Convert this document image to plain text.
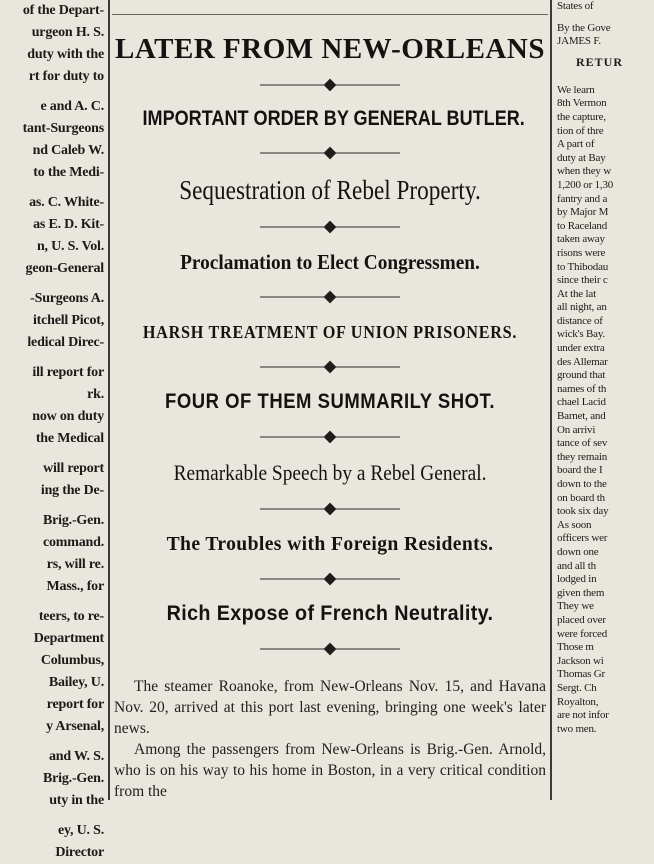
of the Depart-
urgeon H. S.
duty with the
rt for duty to
e and A. C.
tant-Surgeons
nd Caleb W.
to the Medi-
as. C. White-
as E. D. Kit-
n, U. S. Vol.
geon-General
-Surgeons A.
itchell Picot,
ledical Direc-
ill report for
rk.
now on duty
the Medical
will report
ing the De-
Brig.-Gen.
command.
rs, will re.
Mass., for
teers, to re-
Department
Columbus,
Bailey, U.
report for
y Arsenal,
and W. S.
Brig.-Gen.
uty in the
ey, U. S.
Director
States of
By the Gove
JAMES F.
RETUR
We learn
8th Vermon
the capture,
tion of thre
A part of
duty at Bay
when they w
1,200 or 1,30
fantry and a
by Major M
to Raceland
taken away
risons were
to Thibodau
since their c
At the lat
all night, an
distance of
wick's Bay.
under extra
des Allemar
ground that
names of th
chael Lacid
Barnet, and
On arrivi
tance of sev
they remain
board the I
down to the
on board th
took six day
As soon
officers wer
down one
and all th
lodged in
given them
They we
placed over
were forced
Those m
Jackson wi
Thomas Gr
Sergt. Ch
Royalton,
are not infor
two men.
LATER FROM NEW-ORLEANS
IMPORTANT ORDER BY GENERAL BUTLER.
Sequestration of Rebel Property.
Proclamation to Elect Congressmen.
HARSH TREATMENT OF UNION PRISONERS.
FOUR OF THEM SUMMARILY SHOT.
Remarkable Speech by a Rebel General.
The Troubles with Foreign Residents.
Rich Expose of French Neutrality.

The steamer Roanoke, from New-Orleans Nov. 15, and Havana Nov. 20, arrived at this port last evening, bringing one week's later news.

Among the passengers from New-Orleans is Brig.-Gen. Arnold, who is on his way to his home in Boston, in a very critical condition from the
